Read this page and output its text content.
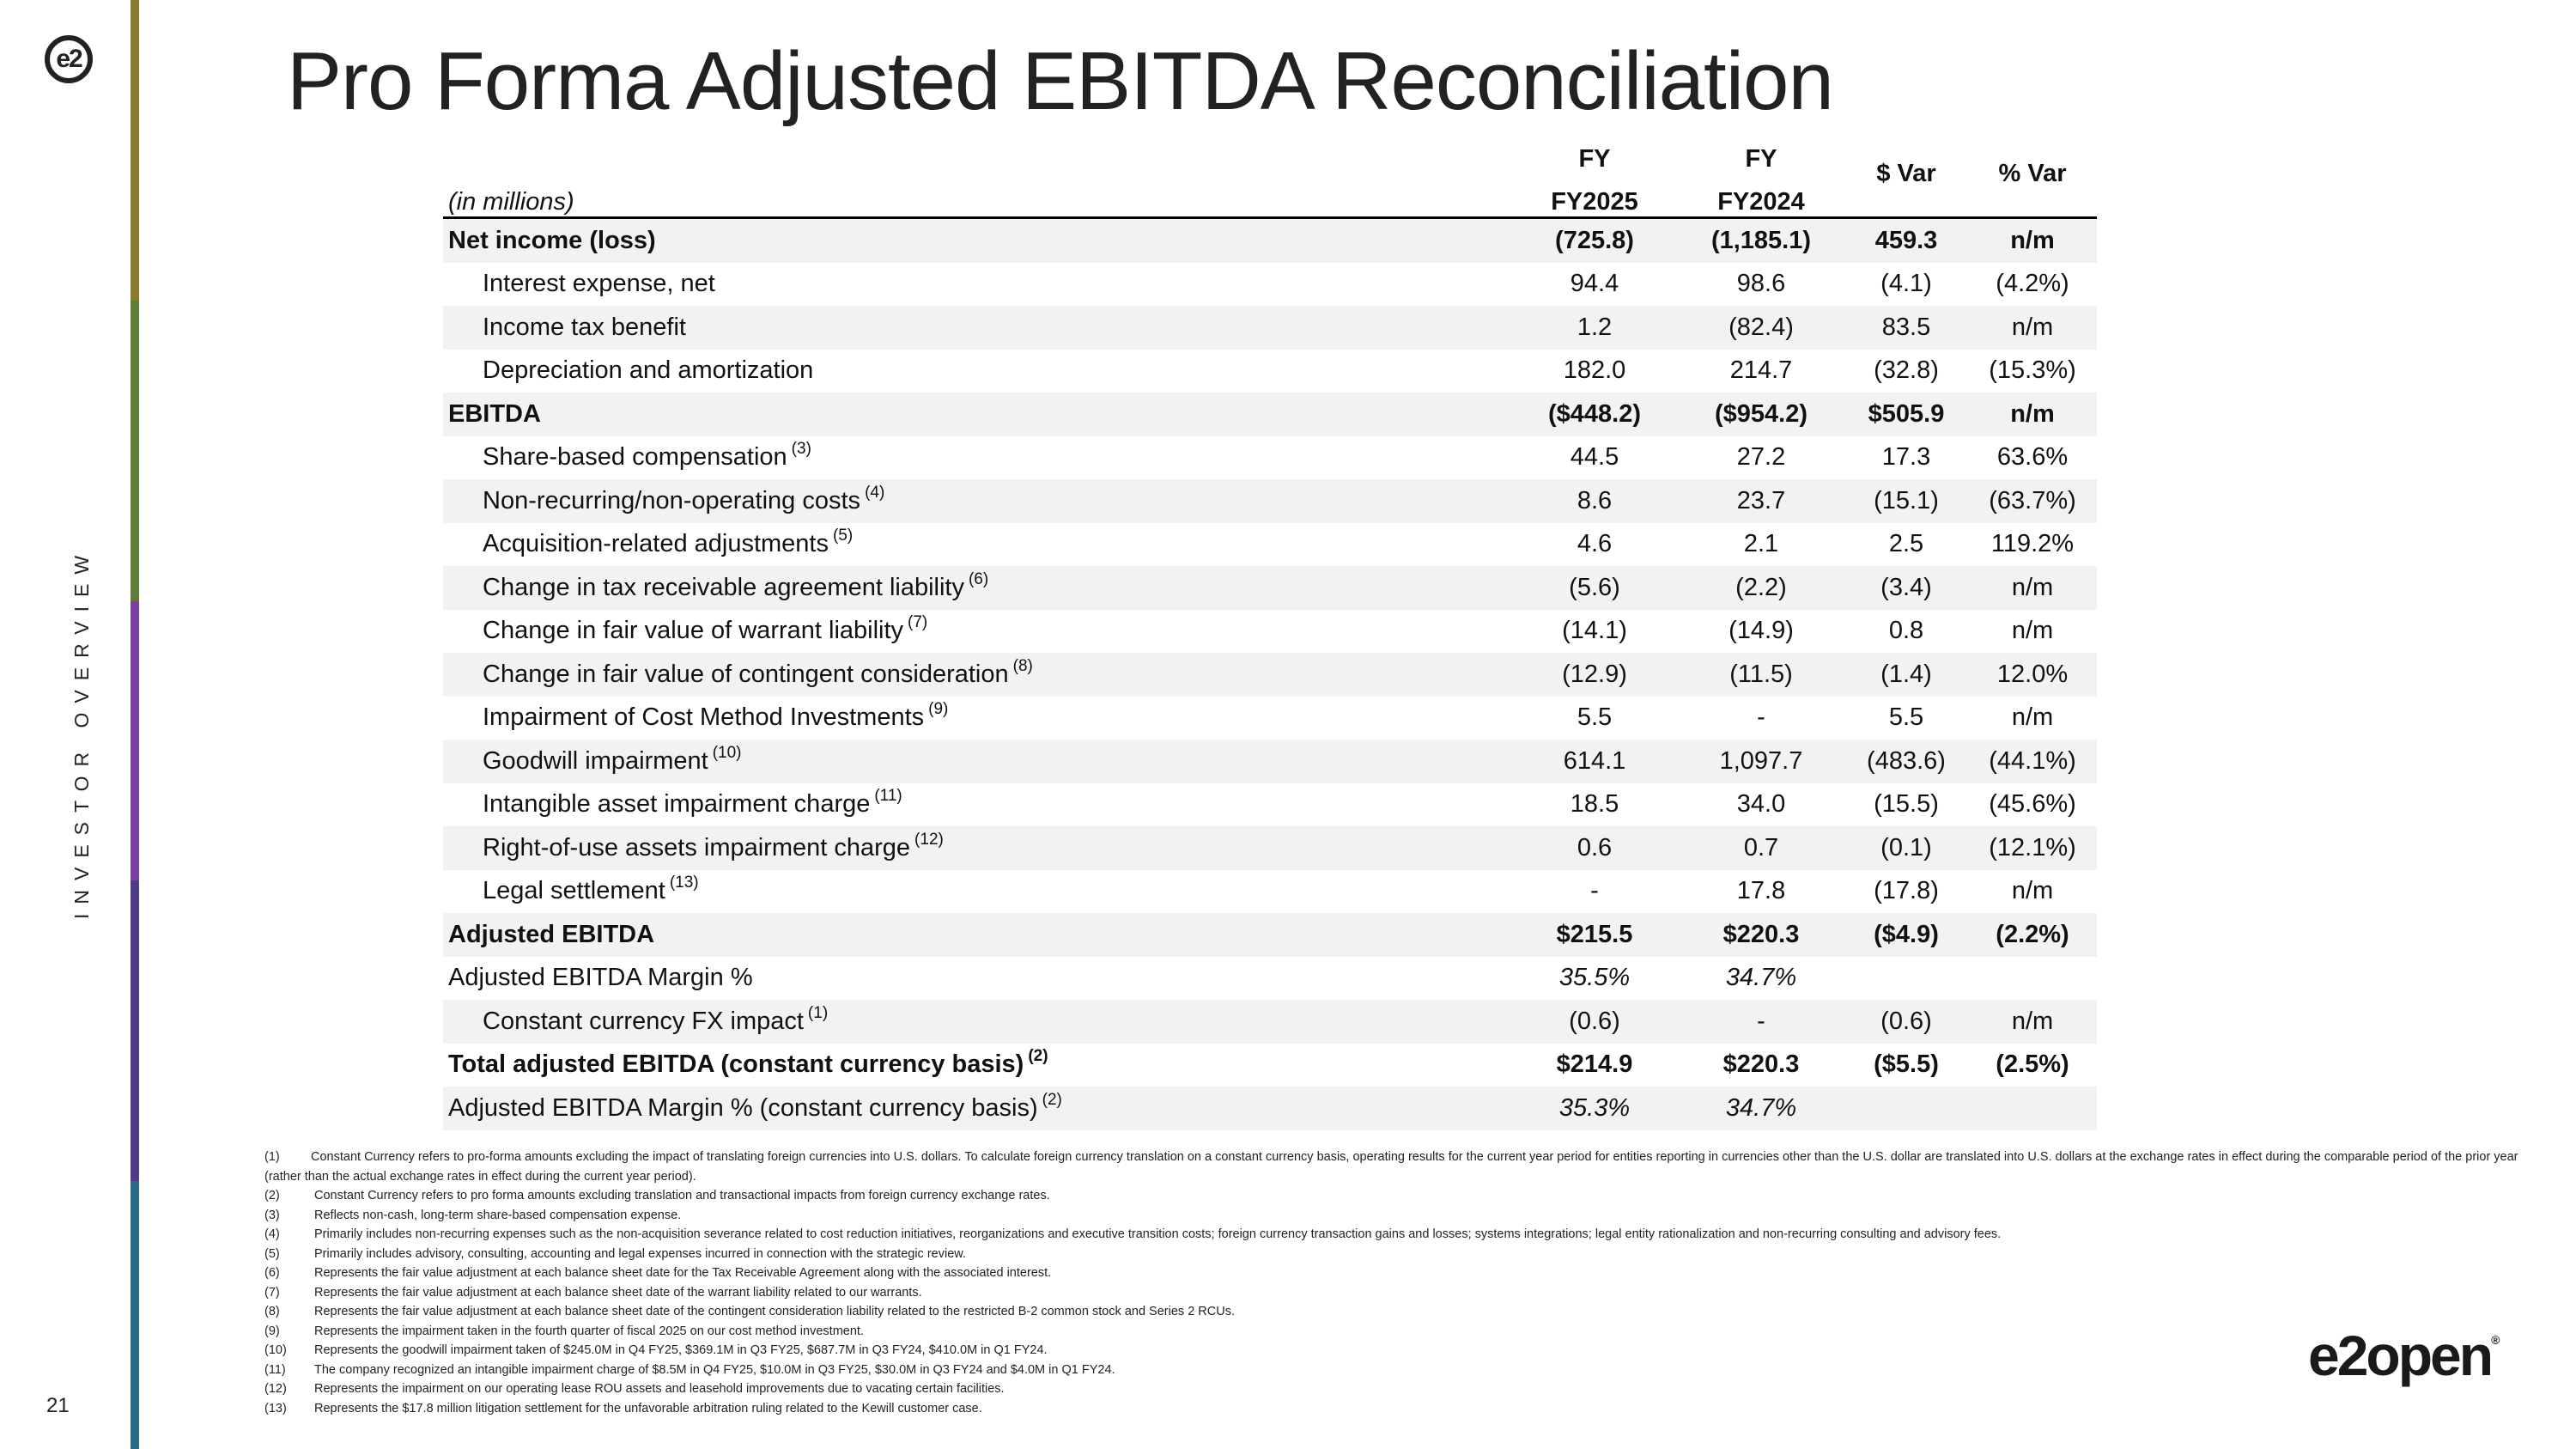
e2
INVESTOR OVERVIEW
21
Pro Forma Adjusted EBITDA Reconciliation
	FY	FY	$ Var	% Var
(in millions)	FY2025	FY2024		
Net income (loss)	(725.8)	(1,185.1)	459.3	n/m
Interest expense, net	94.4	98.6	(4.1)	(4.2%)
Income tax benefit	1.2	(82.4)	83.5	n/m
Depreciation and amortization	182.0	214.7	(32.8)	(15.3%)
EBITDA	($448.2)	($954.2)	$505.9	n/m
Share-based compensation $^{(3)}$	44.5	27.2	17.3	63.6%
Non-recurring/non-operating costs $^{(4)}$	8.6	23.7	(15.1)	(63.7%)
Acquisition-related adjustments $^{(5)}$	4.6	2.1	2.5	119.2%
Change in tax receivable agreement liability $^{(6)}$	(5.6)	(2.2)	(3.4)	n/m
Change in fair value of warrant liability $^{(7)}$	(14.1)	(14.9)	0.8	n/m
Change in fair value of contingent consideration $^{(8)}$	(12.9)	(11.5)	(1.4)	12.0%
Impairment of Cost Method Investments $^{(9)}$	5.5	-	5.5	n/m
Goodwill impairment $^{(10)}$	614.1	1,097.7	(483.6)	(44.1%)
Intangible asset impairment charge $^{(11)}$	18.5	34.0	(15.5)	(45.6%)
Right-of-use assets impairment charge $^{(12)}$	0.6	0.7	(0.1)	(12.1%)
Legal settlement $^{(13)}$	-	17.8	(17.8)	n/m
Adjusted EBITDA	$215.5	$220.3	($4.9)	(2.2%)
Adjusted EBITDA Margin %	35.5%	34.7%		
Constant currency FX impact $^{(1)}$	(0.6)	-	(0.6)	n/m
Total adjusted EBITDA (constant currency basis) $^{(2)}$	$214.9	$220.3	($5.5)	(2.5%)
Adjusted EBITDA Margin % (constant currency basis) $^{(2)}$	35.3%	34.7%		
(1)	Constant Currency refers to pro-forma amounts excluding the impact of translating foreign currencies into U.S. dollars. To calculate foreign currency translation on a constant currency basis, operating results for the current year period for entities reporting in currencies other than the U.S. dollar are translated into U.S. dollars at the exchange rates in effect during the comparable period of the prior year (rather than the actual exchange rates in effect during the current year period).
(2)	Constant Currency refers to pro forma amounts excluding translation and transactional impacts from foreign currency exchange rates.
(3)	Reflects non-cash, long-term share-based compensation expense.
(4)	Primarily includes non-recurring expenses such as the non-acquisition severance related to cost reduction initiatives, reorganizations and executive transition costs; foreign currency transaction gains and losses; systems integrations; legal entity rationalization and non-recurring consulting and advisory fees.
(5)	Primarily includes advisory, consulting, accounting and legal expenses incurred in connection with the strategic review.
(6)	Represents the fair value adjustment at each balance sheet date for the Tax Receivable Agreement along with the associated interest.
(7)	Represents the fair value adjustment at each balance sheet date of the warrant liability related to our warrants.
(8)	Represents the fair value adjustment at each balance sheet date of the contingent consideration liability related to the restricted B-2 common stock and Series 2 RCUs.
(9)	Represents the impairment taken in the fourth quarter of fiscal 2025 on our cost method investment.
(10) Represents the goodwill impairment taken of $245.0M in Q4 FY25, $369.1M in Q3 FY25, $687.7M in Q3 FY24, $410.0M in Q1 FY24.
(11) The company recognized an intangible impairment charge of $8.5M in Q4 FY25, $10.0M in Q3 FY25, $30.0M in Q3 FY24 and $4.0M in Q1 FY24.
(12) Represents the impairment on our operating lease ROU assets and leasehold improvements due to vacating certain facilities.
(13) Represents the $17.8 million litigation settlement for the unfavorable arbitration ruling related to the Kewill customer case.
e2open®
